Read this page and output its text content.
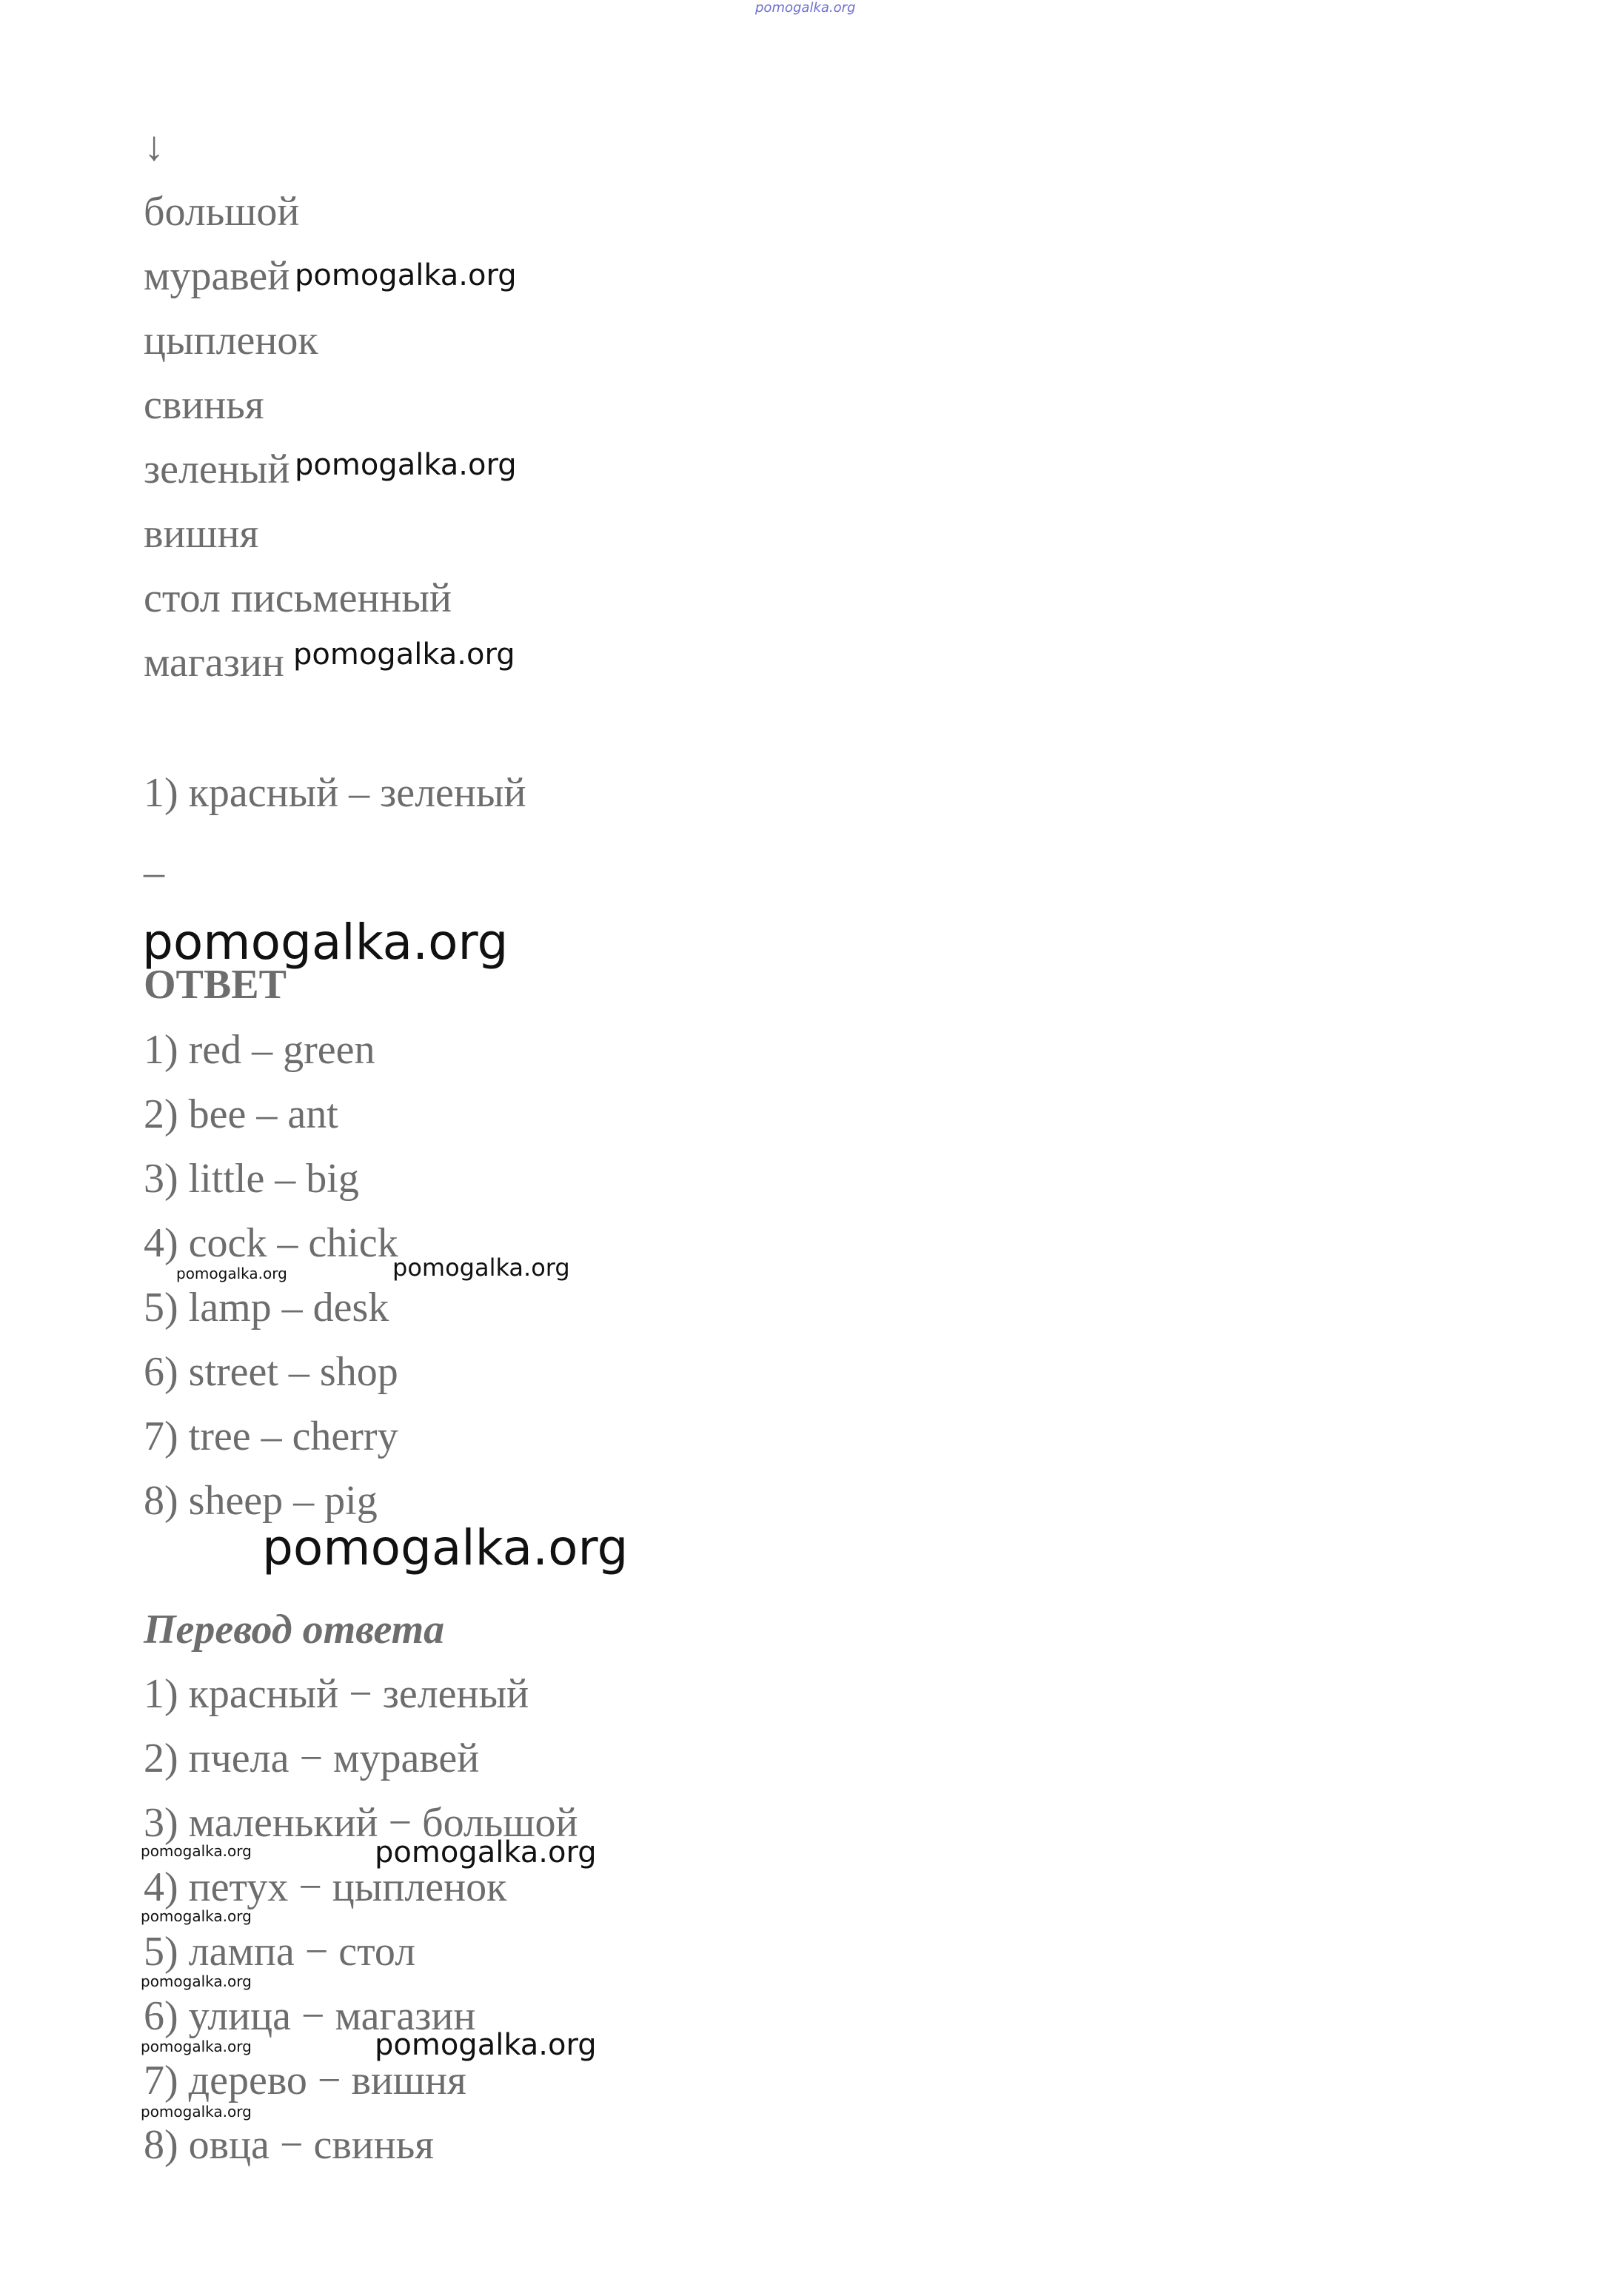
pomogalka.org
↓
большой
муравей
цыпленок
свинья
зеленый
вишня
стол письменный
магазин
pomogalka.org
pomogalka.org
pomogalka.org
1) красный – зеленый
–
pomogalka.org
ОТВЕТ
1) red – green
2) bee – ant
3) little – big
4) cock – chick
5) lamp – desk
6) street – shop
7) tree – cherry
8) sheep – pig
pomogalka.org	pomogalka.org
pomogalka.org
Перевод ответа
1) красный − зеленый
2) пчела − муравей
3) маленький − большой
4) петух − цыпленок
5) лампа − стол
6) улица − магазин
7) дерево − вишня
8) овца − свинья
pomogalka.org
pomogalka.org
pomogalka.org
pomogalka.org
pomogalka.org
pomogalka.org
pomogalka.org
